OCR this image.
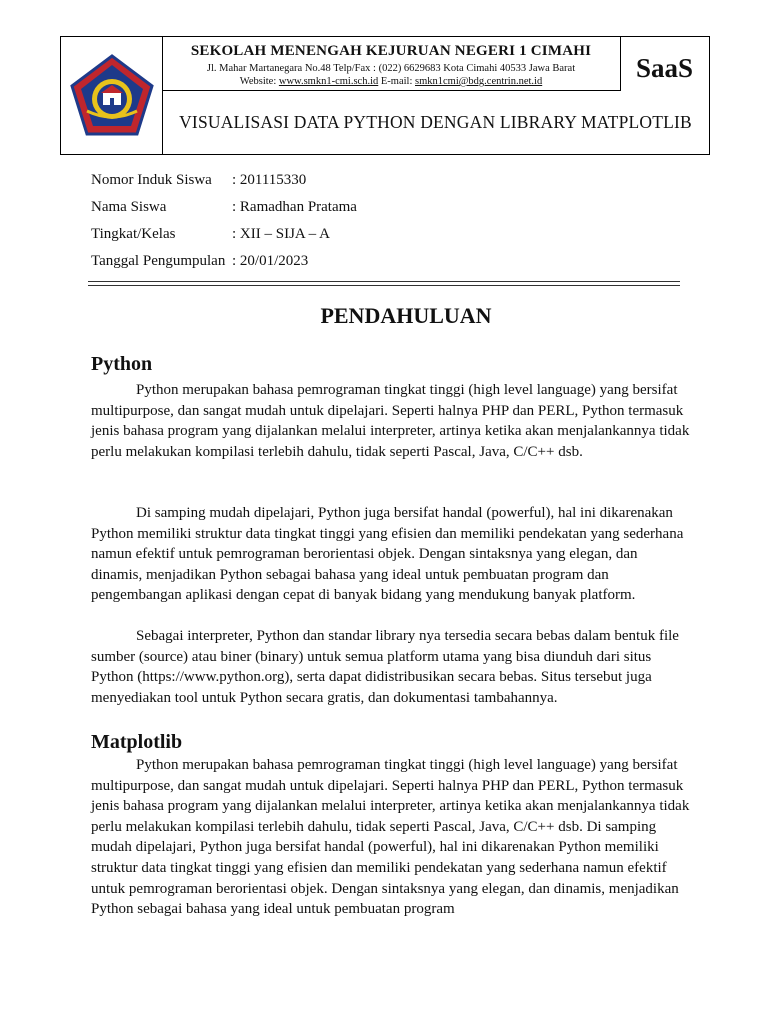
SEKOLAH MENENGAH KEJURUAN NEGERI 1 CIMAHI
Jl. Mahar Martanegara No.48 Telp/Fax : (022) 6629683 Kota Cimahi 40533 Jawa Barat
Website: www.smkn1-cmi.sch.id E-mail: smkn1cmi@bdg.centrin.net.id	SaaS
VISUALISASI DATA PYTHON DENGAN LIBRARY MATPLOTLIB
Nomor Induk Siswa	: 201115330
Nama Siswa	: Ramadhan Pratama
Tingkat/Kelas	: XII – SIJA – A
Tanggal Pengumpulan : 20/01/2023
PENDAHULUAN
Python

Python merupakan bahasa pemrograman tingkat tinggi (high level language) yang bersifat multipurpose, dan sangat mudah untuk dipelajari. Seperti halnya PHP dan PERL, Python termasuk jenis bahasa program yang dijalankan melalui interpreter, artinya ketika akan menjalankannya tidak perlu melakukan kompilasi terlebih dahulu, tidak seperti Pascal, Java, C/C++ dsb.

Di samping mudah dipelajari, Python juga bersifat handal (powerful), hal ini dikarenakan Python memiliki struktur data tingkat tinggi yang efisien dan memiliki pendekatan yang sederhana namun efektif untuk pemrograman berorientasi objek. Dengan sintaksnya yang elegan, dan dinamis, menjadikan Python sebagai bahasa yang ideal untuk pembuatan program dan pengembangan aplikasi dengan cepat di banyak bidang yang mendukung banyak platform.

Sebagai interpreter, Python dan standar library nya tersedia secara bebas dalam bentuk file sumber (source) atau biner (binary) untuk semua platform utama yang bisa diunduh dari situs Python (https://www.python.org), serta dapat didistribusikan secara bebas. Situs tersebut juga menyediakan tool untuk Python secara gratis, dan dokumentasi tambahannya.

Matplotlib

Python merupakan bahasa pemrograman tingkat tinggi (high level language) yang bersifat multipurpose, dan sangat mudah untuk dipelajari. Seperti halnya PHP dan PERL, Python termasuk jenis bahasa program yang dijalankan melalui interpreter, artinya ketika akan menjalankannya tidak perlu melakukan kompilasi terlebih dahulu, tidak seperti Pascal, Java, C/C++ dsb. Di samping mudah dipelajari, Python juga bersifat handal (powerful), hal ini dikarenakan Python memiliki struktur data tingkat tinggi yang efisien dan memiliki pendekatan yang sederhana namun efektif untuk pemrograman berorientasi objek. Dengan sintaksnya yang elegan, dan dinamis, menjadikan Python sebagai bahasa yang ideal untuk pembuatan program
